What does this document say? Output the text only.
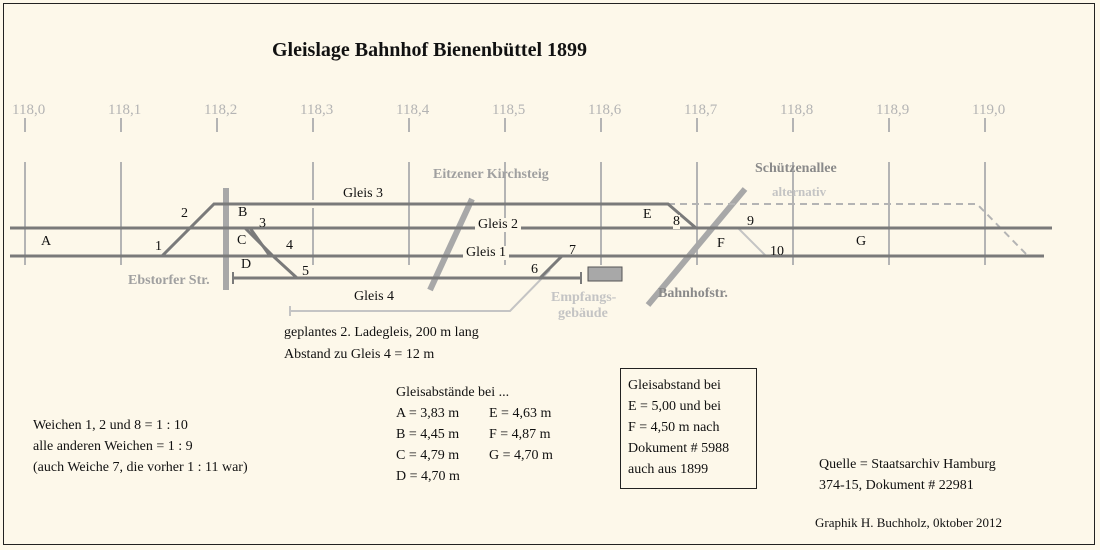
Gleislage Bahnhof Bienenbüttel 1899
118,0	118,1	118,2	118,3	118,4	118,5	118,6	118,7	118,8	118,9	119,0
Gleis 3
Gleis 2
Gleis 1
Gleis 4
Eitzener Kirchsteig	Schützenallee
alternativ
Ebstorfer Str.
Bahnhofstr.
Empfangs-
gebäude
1
2
3
4
5	6
7
8	9
10
A
B
C
D
E
F	G
geplantes 2. Ladegleis, 200 m lang
Abstand zu Gleis 4 = 12 m
Weichen 1, 2 und 8 = 1 : 10
alle anderen Weichen = 1 : 9
(auch Weiche 7, die vorher 1 : 11 war)
Gleisabstände bei ...
A = 3,83 m
B = 4,45 m
C = 4,79 m
D = 4,70 m
E = 4,63 m
F = 4,87 m
G = 4,70 m
Gleisabstand bei
E = 5,00 und bei
F = 4,50 m nach
Dokument # 5988
auch aus 1899	Quelle = Staatsarchiv Hamburg
374-15, Dokument # 22981
Graphik H. Buchholz, 0ktober 2012
